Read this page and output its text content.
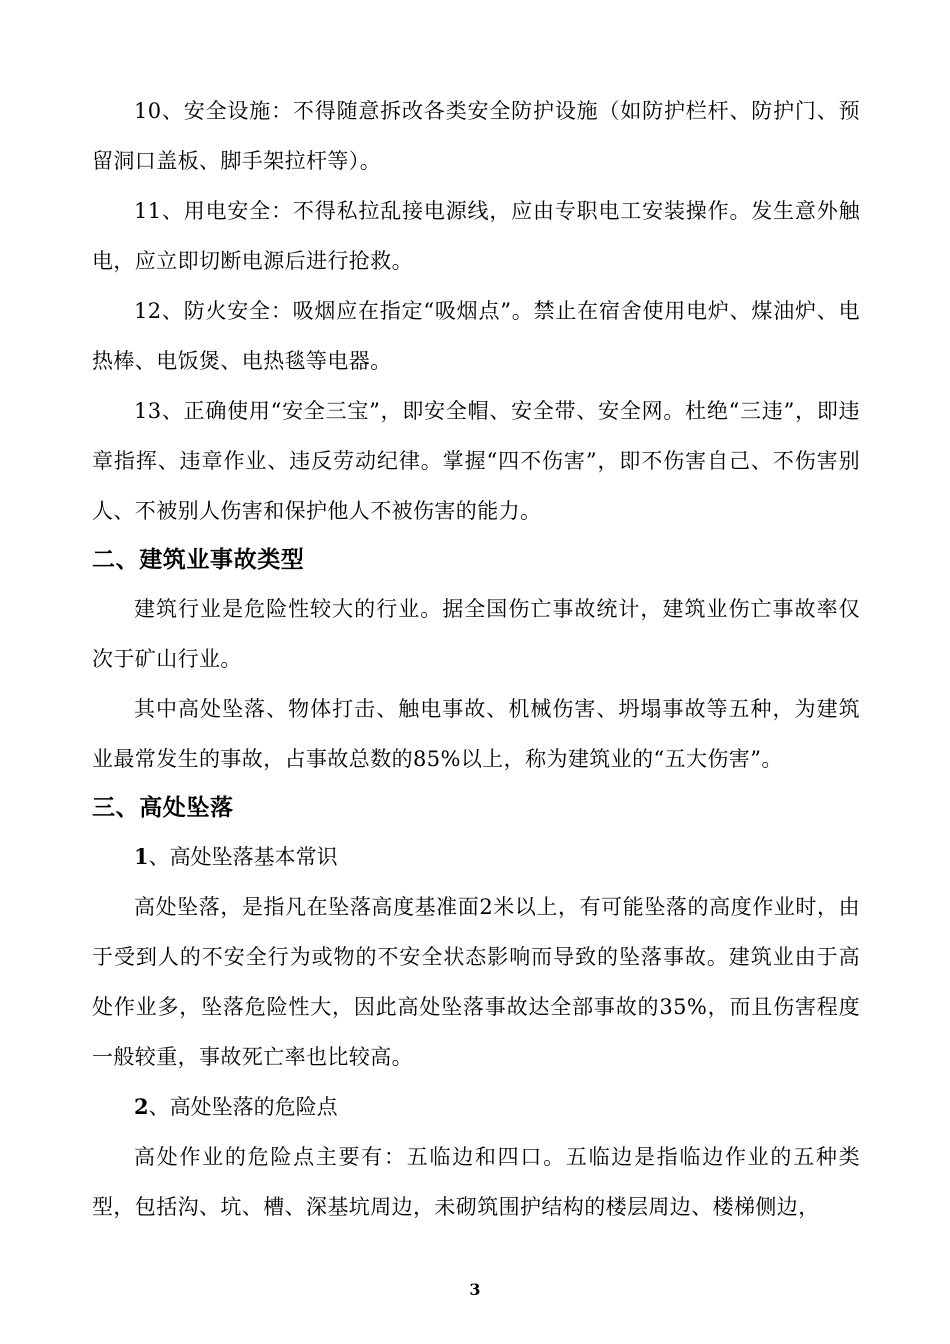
10、安全设施：不得随意拆改各类安全防护设施（如防护栏杆、防护门、预留洞口盖板、脚手架拉杆等）。

11、用电安全：不得私拉乱接电源线，应由专职电工安装操作。发生意外触电，应立即切断电源后进行抢救。

12、防火安全：吸烟应在指定“吸烟点”。禁止在宿舍使用电炉、煤油炉、电热棒、电饭煲、电热毯等电器。

13、正确使用“安全三宝”，即安全帽、安全带、安全网。杜绝“三违”，即违章指挥、违章作业、违反劳动纪律。掌握“四不伤害”，即不伤害自己、不伤害别人、不被别人伤害和保护他人不被伤害的能力。

二、建筑业事故类型

建筑行业是危险性较大的行业。据全国伤亡事故统计，建筑业伤亡事故率仅次于矿山行业。

其中高处坠落、物体打击、触电事故、机械伤害、坍塌事故等五种，为建筑业最常发生的事故，占事故总数的85%以上，称为建筑业的“五大伤害”。

三、高处坠落

1、高处坠落基本常识

高处坠落，是指凡在坠落高度基准面2米以上，有可能坠落的高度作业时，由于受到人的不安全行为或物的不安全状态影响而导致的坠落事故。建筑业由于高处作业多，坠落危险性大，因此高处坠落事故达全部事故的35%，而且伤害程度一般较重，事故死亡率也比较高。

2、高处坠落的危险点

高处作业的危险点主要有：五临边和四口。五临边是指临边作业的五种类型，包括沟、坑、槽、深基坑周边，未砌筑围护结构的楼层周边、楼梯侧边，

3
